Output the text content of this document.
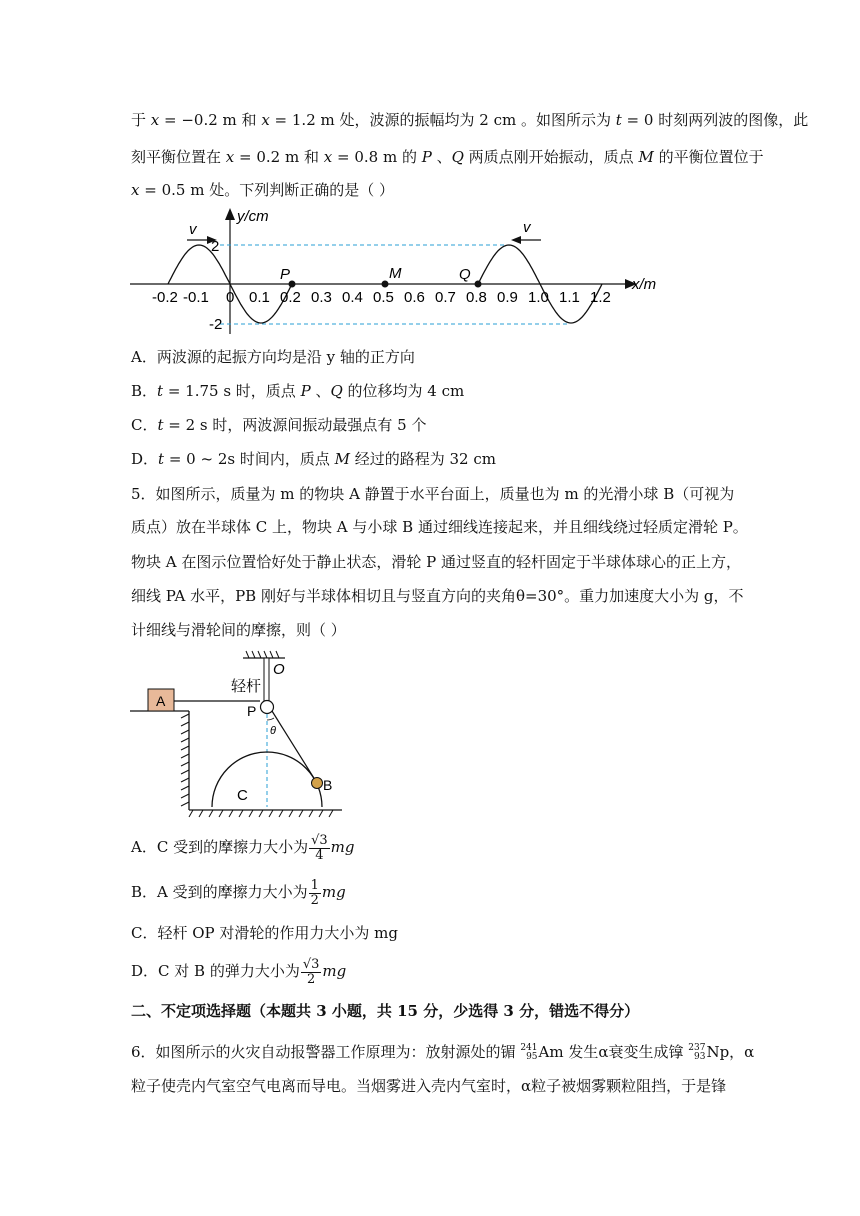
于 x = −0.2 m 和 x = 1.2 m 处，波源的振幅均为 2 cm 。如图所示为 t = 0 时刻两列波的图像，此
刻平衡位置在 x = 0.2 m 和 x = 0.8 m 的 P 、Q 两质点刚开始振动，质点 M 的平衡位置位于
x = 0.5 m 处。下列判断正确的是（ ）
v	v
y/cm
x/m
2
-2
-0.2 -0.1 0 0.1 0.2 0.3 0.4 0.5 0.6 0.7 0.8 0.9 1.0 1.1 1.2
P	M	Q
A．两波源的起振方向均是沿 y 轴的正方向
B．t = 1.75 s 时，质点 P 、Q 的位移均为 4 cm
C．t = 2 s 时，两波源间振动最强点有 5 个
D．t = 0 ~ 2s 时间内，质点 M 经过的路程为 32 cm
5．如图所示，质量为 m 的物块 A 静置于水平台面上，质量也为 m 的光滑小球 B（可视为
质点）放在半球体 C 上，物块 A 与小球 B 通过细线连接起来，并且细线绕过轻质定滑轮 P。
物块 A 在图示位置恰好处于静止状态，滑轮 P 通过竖直的轻杆固定于半球体球心的正上方，
细线 PA 水平，PB 刚好与半球体相切且与竖直方向的夹角θ=30°。重力加速度大小为 g，不
计细线与滑轮间的摩擦，则（ ）
O
轻杆
A
P
θ
B
C
A．C 受到的摩擦力大小为 $\frac{√3}{4}$ mg
B．A 受到的摩擦力大小为 $\frac{1}{2}$ mg
C．轻杆 OP 对滑轮的作用力大小为 mg
D．C 对 B 的弹力大小为 $\frac{√3}{2}$ mg
二、不定项选择题（本题共 3 小题，共 15 分，少选得 3 分，错选不得分）
6．如图所示的火灾自动报警器工作原理为：放射源处的镅 241
95 Am 发生α衰变生成镎 237
93 Np，α
粒子使壳内气室空气电离而导电。当烟雾进入壳内气室时，α粒子被烟雾颗粒阻挡，于是锋
